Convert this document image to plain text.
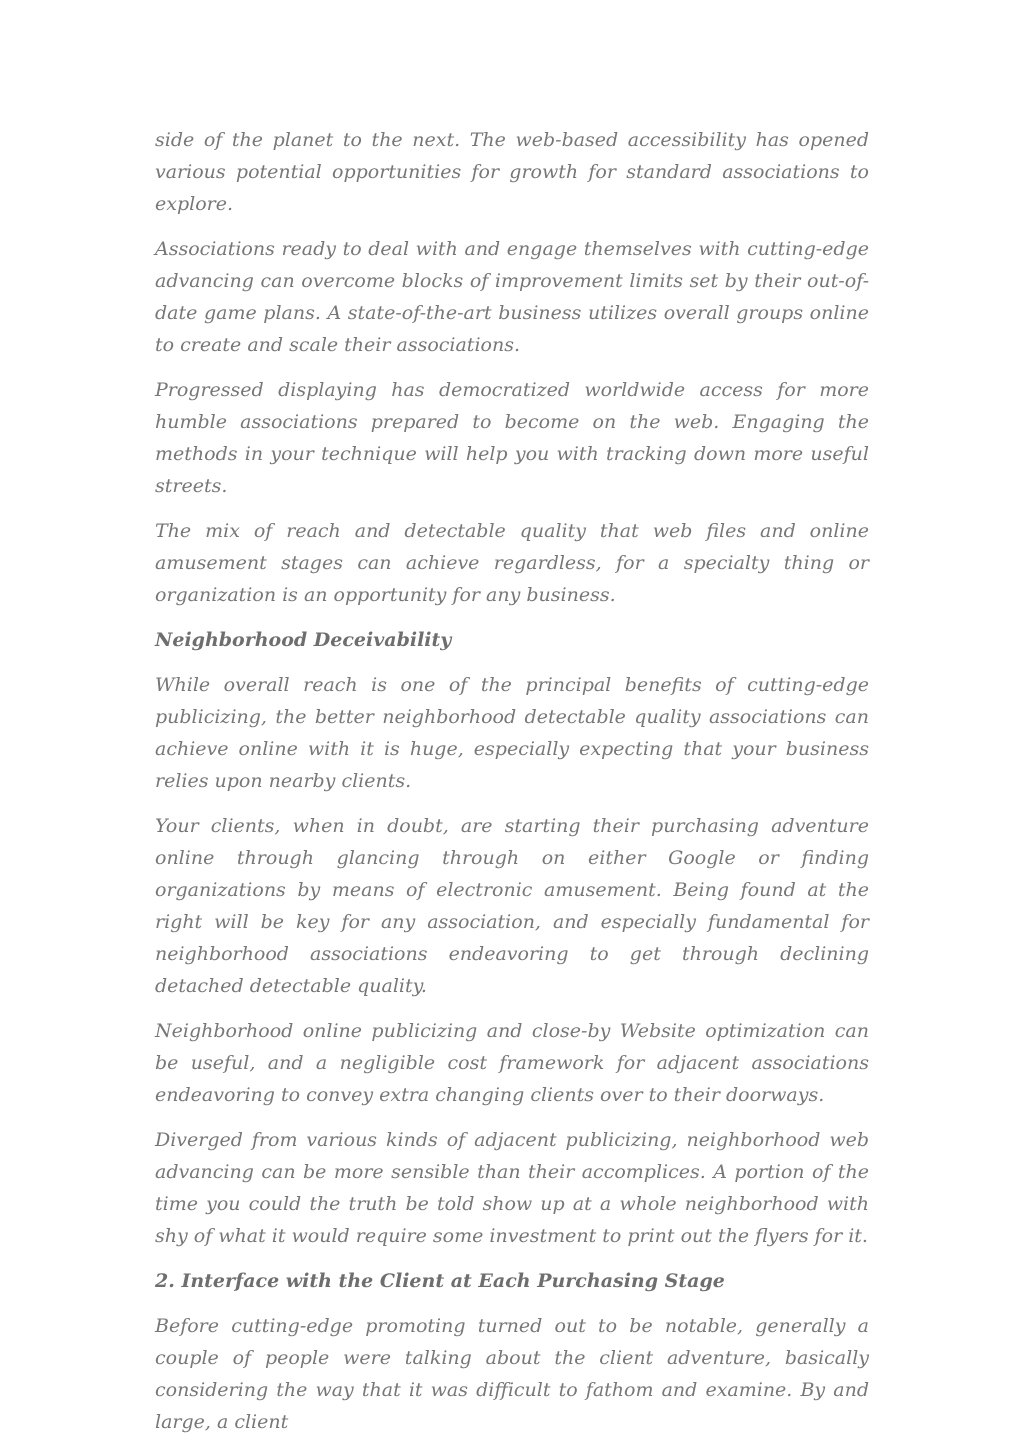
side of the planet to the next. The web-based accessibility has opened various potential opportunities for growth for standard associations to explore.

Associations ready to deal with and engage themselves with cutting-edge advancing can overcome blocks of improvement limits set by their out-of-date game plans. A state-of-the-art business utilizes overall groups online to create and scale their associations.

Progressed displaying has democratized worldwide access for more humble associations prepared to become on the web. Engaging the methods in your technique will help you with tracking down more useful streets.

The mix of reach and detectable quality that web files and online amusement stages can achieve regardless, for a specialty thing or organization is an opportunity for any business.

Neighborhood Deceivability

While overall reach is one of the principal benefits of cutting-edge publicizing, the better neighborhood detectable quality associations can achieve online with it is huge, especially expecting that your business relies upon nearby clients.

Your clients, when in doubt, are starting their purchasing adventure online through glancing through on either Google or finding organizations by means of electronic amusement. Being found at the right will be key for any association, and especially fundamental for neighborhood associations endeavoring to get through declining detached detectable quality.

Neighborhood online publicizing and close-by Website optimization can be useful, and a negligible cost framework for adjacent associations endeavoring to convey extra changing clients over to their doorways.

Diverged from various kinds of adjacent publicizing, neighborhood web advancing can be more sensible than their accomplices. A portion of the time you could the truth be told show up at a whole neighborhood with shy of what it would require some investment to print out the flyers for it.

2. Interface with the Client at Each Purchasing Stage

Before cutting-edge promoting turned out to be notable, generally a couple of people were talking about the client adventure, basically considering the way that it was difficult to fathom and examine. By and large, a client
